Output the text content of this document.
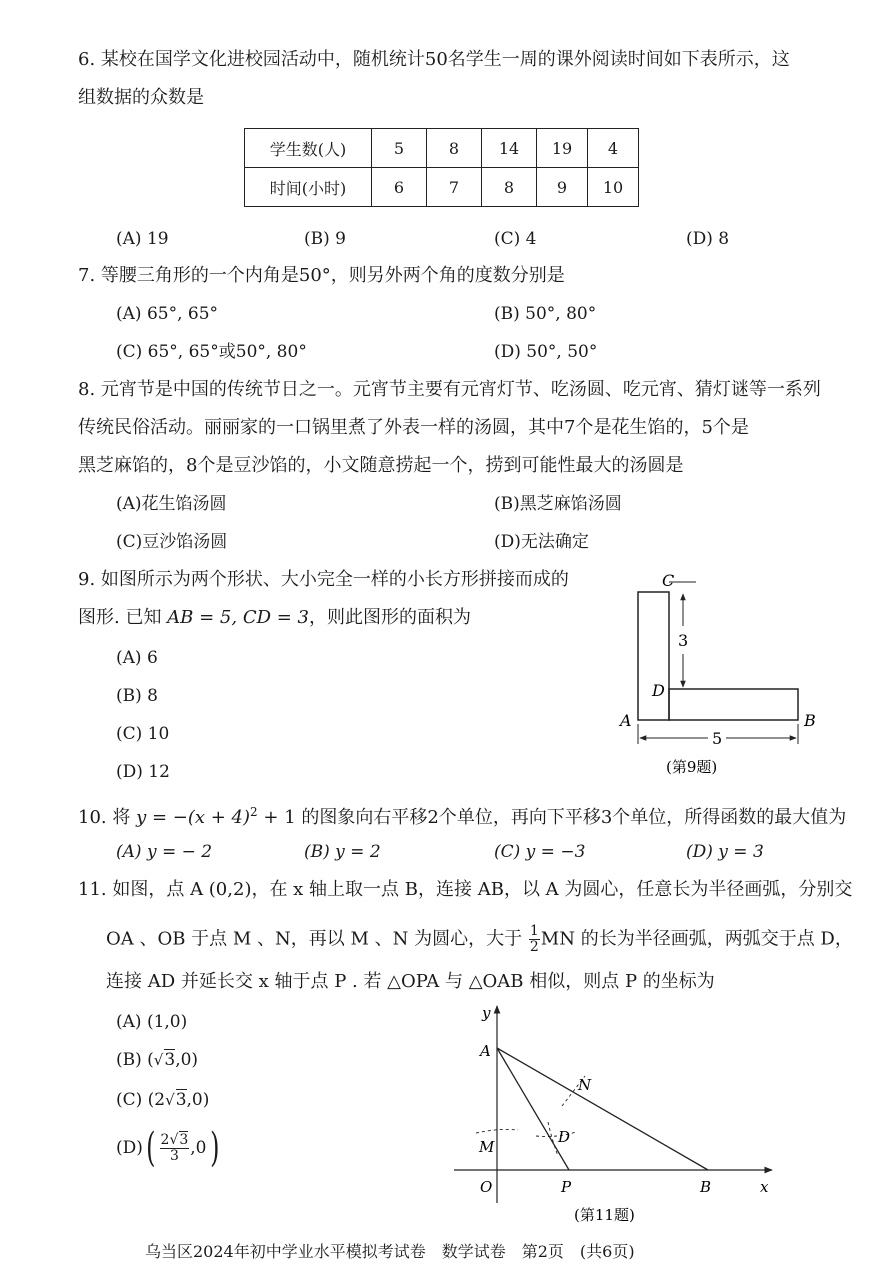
6. 某校在国学文化进校园活动中，随机统计50名学生一周的课外阅读时间如下表所示，这
组数据的众数是
学生数(人)	5	8	14	19	4
时间(小时)	6	7	8	9	10
(A) 19	(B) 9	(C) 4	(D) 8
7. 等腰三角形的一个内角是50°，则另外两个角的度数分别是
(A) 65°, 65°	(B) 50°, 80°
(C) 65°, 65°或50°, 80°	(D) 50°, 50°
8. 元宵节是中国的传统节日之一。元宵节主要有元宵灯节、吃汤圆、吃元宵、猜灯谜等一系列
传统民俗活动。丽丽家的一口锅里煮了外表一样的汤圆，其中7个是花生馅的，5个是
黑芝麻馅的，8个是豆沙馅的，小文随意捞起一个，捞到可能性最大的汤圆是
(A)花生馅汤圆	(B)黑芝麻馅汤圆
(C)豆沙馅汤圆	(D)无法确定
9. 如图所示为两个形状、大小完全一样的小长方形拼接而成的
图形. 已知 AB = 5, CD = 3，则此图形的面积为
(A) 6
(B) 8
(C) 10
(D) 12
C
D
A	B
3
5
(第9题)
10. 将 $y = -(x + 4)^2 + 1$ 的图象向右平移2个单位，再向下平移3个单位，所得函数的最大值为
(A) y = − 2	(B) y = 2	(C) y = −3	(D) y = 3
11. 如图，点 A (0,2)，在 x 轴上取一点 B，连接 AB，以 A 为圆心，任意长为半径画弧，分别交
OA 、OB 于点 M 、N，再以 M 、N 为圆心，大于 $\frac{1}{2}$ MN 的长为半径画弧，两弧交于点 D，
连接 AD 并延长交 x 轴于点 P . 若 △OPA 与 △OAB 相似，则点 P 的坐标为
(A) (1,0)
(B) (√3,0)
(C) (2√3,0)
$(D)( \frac{2√3}{3} ,0)$
y
x
A
N
M
D
O	P	B
(第11题)
乌当区2024年初中学业水平模拟考试卷　数学试卷　第2页　(共6页)
